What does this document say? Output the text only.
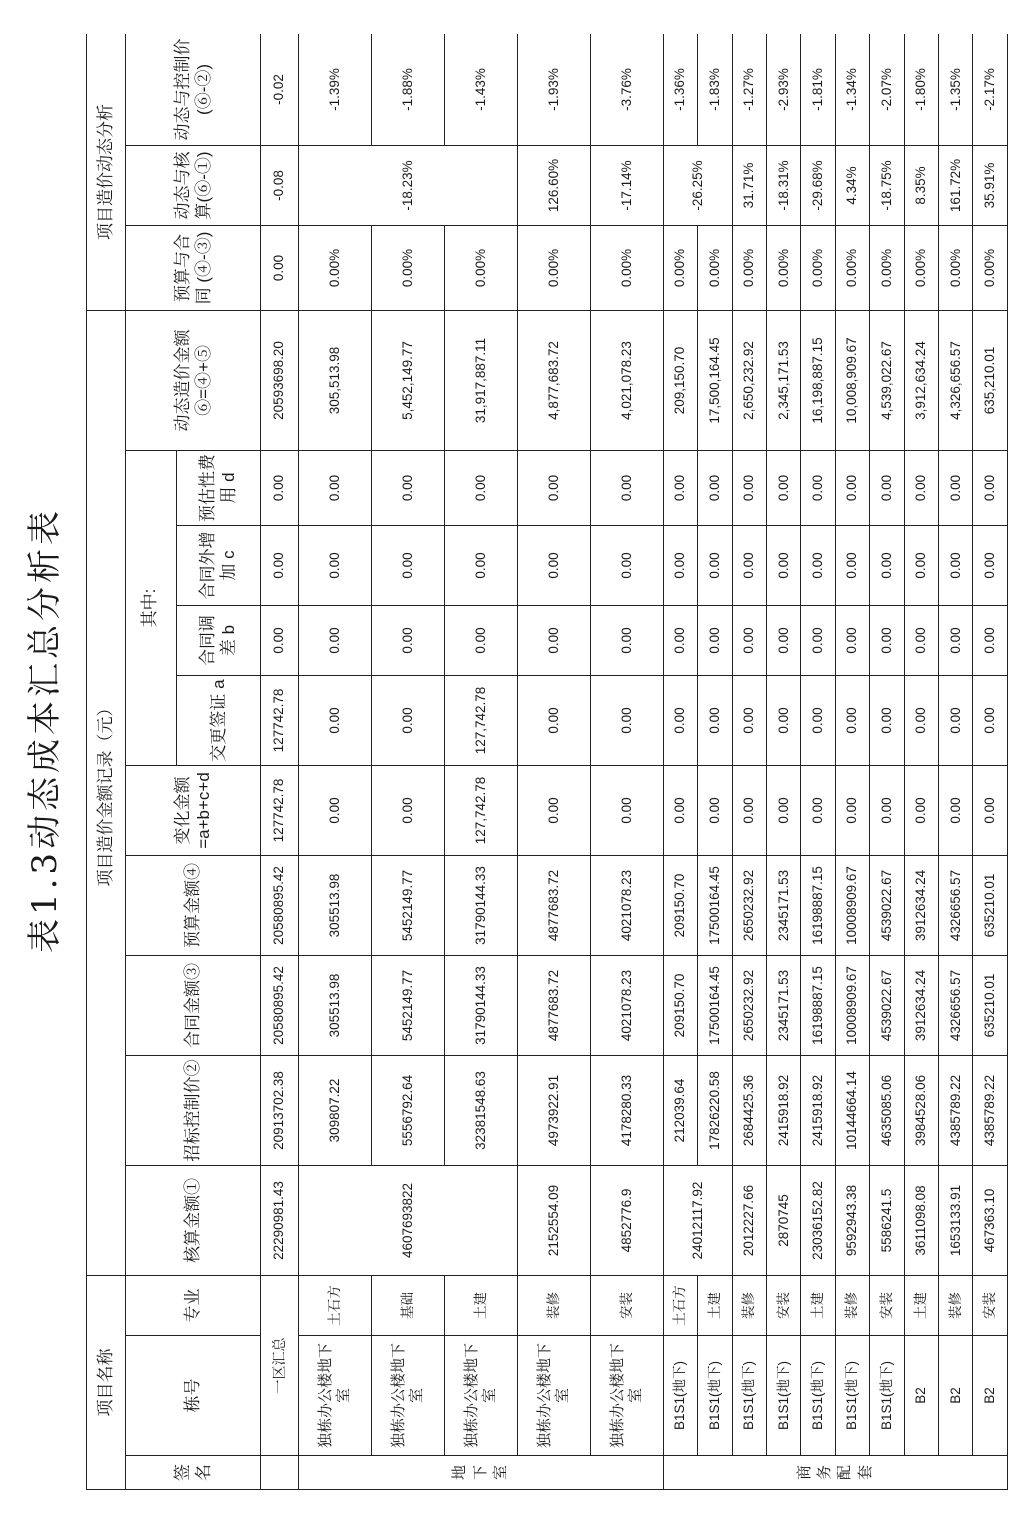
表1.3动态成本汇总分析表
项目名称			项目造价金额记录（元）										项目造价动态分析		
签名	栋号	专业	核算金额①	招标控制价②	合同金额③	预算金额④	变化金额 =a+b+c+d	其中:				动态造价金额 ⑥=④+⑤	预算与合同 (④-③)	动态与核算(⑥-①)	动态与控制价(⑥-②)
								交更签证 a	合同调差 b	合同外增加 c	预估性费用 d				
	一区汇总		22290981.43	20913702.38	20580895.42	20580895.42	127742.78	127742.78	0.00	0.00	0.00	20593698.20	0.00	-0.08	-0.02

地下室	独栋办公楼地下室	土石方	4607693822	309807.22	305513.98	305513.98	0.00	0.00	0.00	0.00	0.00	305,513.98	0.00%	-18.23%	-1.39%
	独栋办公楼地下室	基础		5556792.64	5452149.77	5452149.77	0.00	0.00	0.00	0.00	0.00	5,452,149.77	0.00%		-1.88%
	独栋办公楼地下室	土建		32381548.63	31790144.33	31790144.33	127,742.78	127,742.78	0.00	0.00	0.00	31,917,887.11	0.00%		-1.43%
	独栋办公楼地下室	装修	2152554.09	4973922.91	4877683.72	4877683.72	0.00	0.00	0.00	0.00	0.00	4,877,683.72	0.00%	126.60%	-1.93%
	独栋办公楼地下室	安装	4852776.9	4178280.33	4021078.23	4021078.23	0.00	0.00	0.00	0.00	0.00	4,021,078.23	0.00%	-17.14%	-3.76%

商务配套	B1S1(地下)	土石方	24012117.92	212039.64	209150.70	209150.70	0.00	0.00	0.00	0.00	0.00	209,150.70	0.00%	-26.25%	-1.36%
	B1S1(地下)	土建		17826220.58	17500164.45	17500164.45	0.00	0.00	0.00	0.00	0.00	17,500,164.45	0.00%		-1.83%
	B1S1(地下)	装修	2012227.66	2684425.36	2650232.92	2650232.92	0.00	0.00	0.00	0.00	0.00	2,650,232.92	0.00%	31.71%	-1.27%
	B1S1(地下)	安装	2870745	2415918.92	2345171.53	2345171.53	0.00	0.00	0.00	0.00	0.00	2,345,171.53	0.00%	-18.31%	-2.93%
	B1S1(地下)	土建	23036152.82	2415918.92	16198887.15	16198887.15	0.00	0.00	0.00	0.00	0.00	16,198,887.15	0.00%	-29.68%	-1.81%
	B1S1(地下)	装修	9592943.38	10144664.14	10008909.67	10008909.67	0.00	0.00	0.00	0.00	0.00	10,008,909.67	0.00%	4.34%	-1.34%
	B1S1(地下)	安装	5586241.5	4635085.06	4539022.67	4539022.67	0.00	0.00	0.00	0.00	0.00	4,539,022.67	0.00%	-18.75%	-2.07%
	B2	土建	3611098.08	3984528.06	3912634.24	3912634.24	0.00	0.00	0.00	0.00	0.00	3,912,634.24	0.00%	8.35%	-1.80%
	B2	装修	1653133.91	4385789.22	4326656.57	4326656.57	0.00	0.00	0.00	0.00	0.00	4,326,656.57	0.00%	161.72%	-1.35%
	B2	安装	467363.10	4385789.22	635210.01	635210.01	0.00	0.00	0.00	0.00	0.00	635,210.01	0.00%	35.91%	-2.17%
